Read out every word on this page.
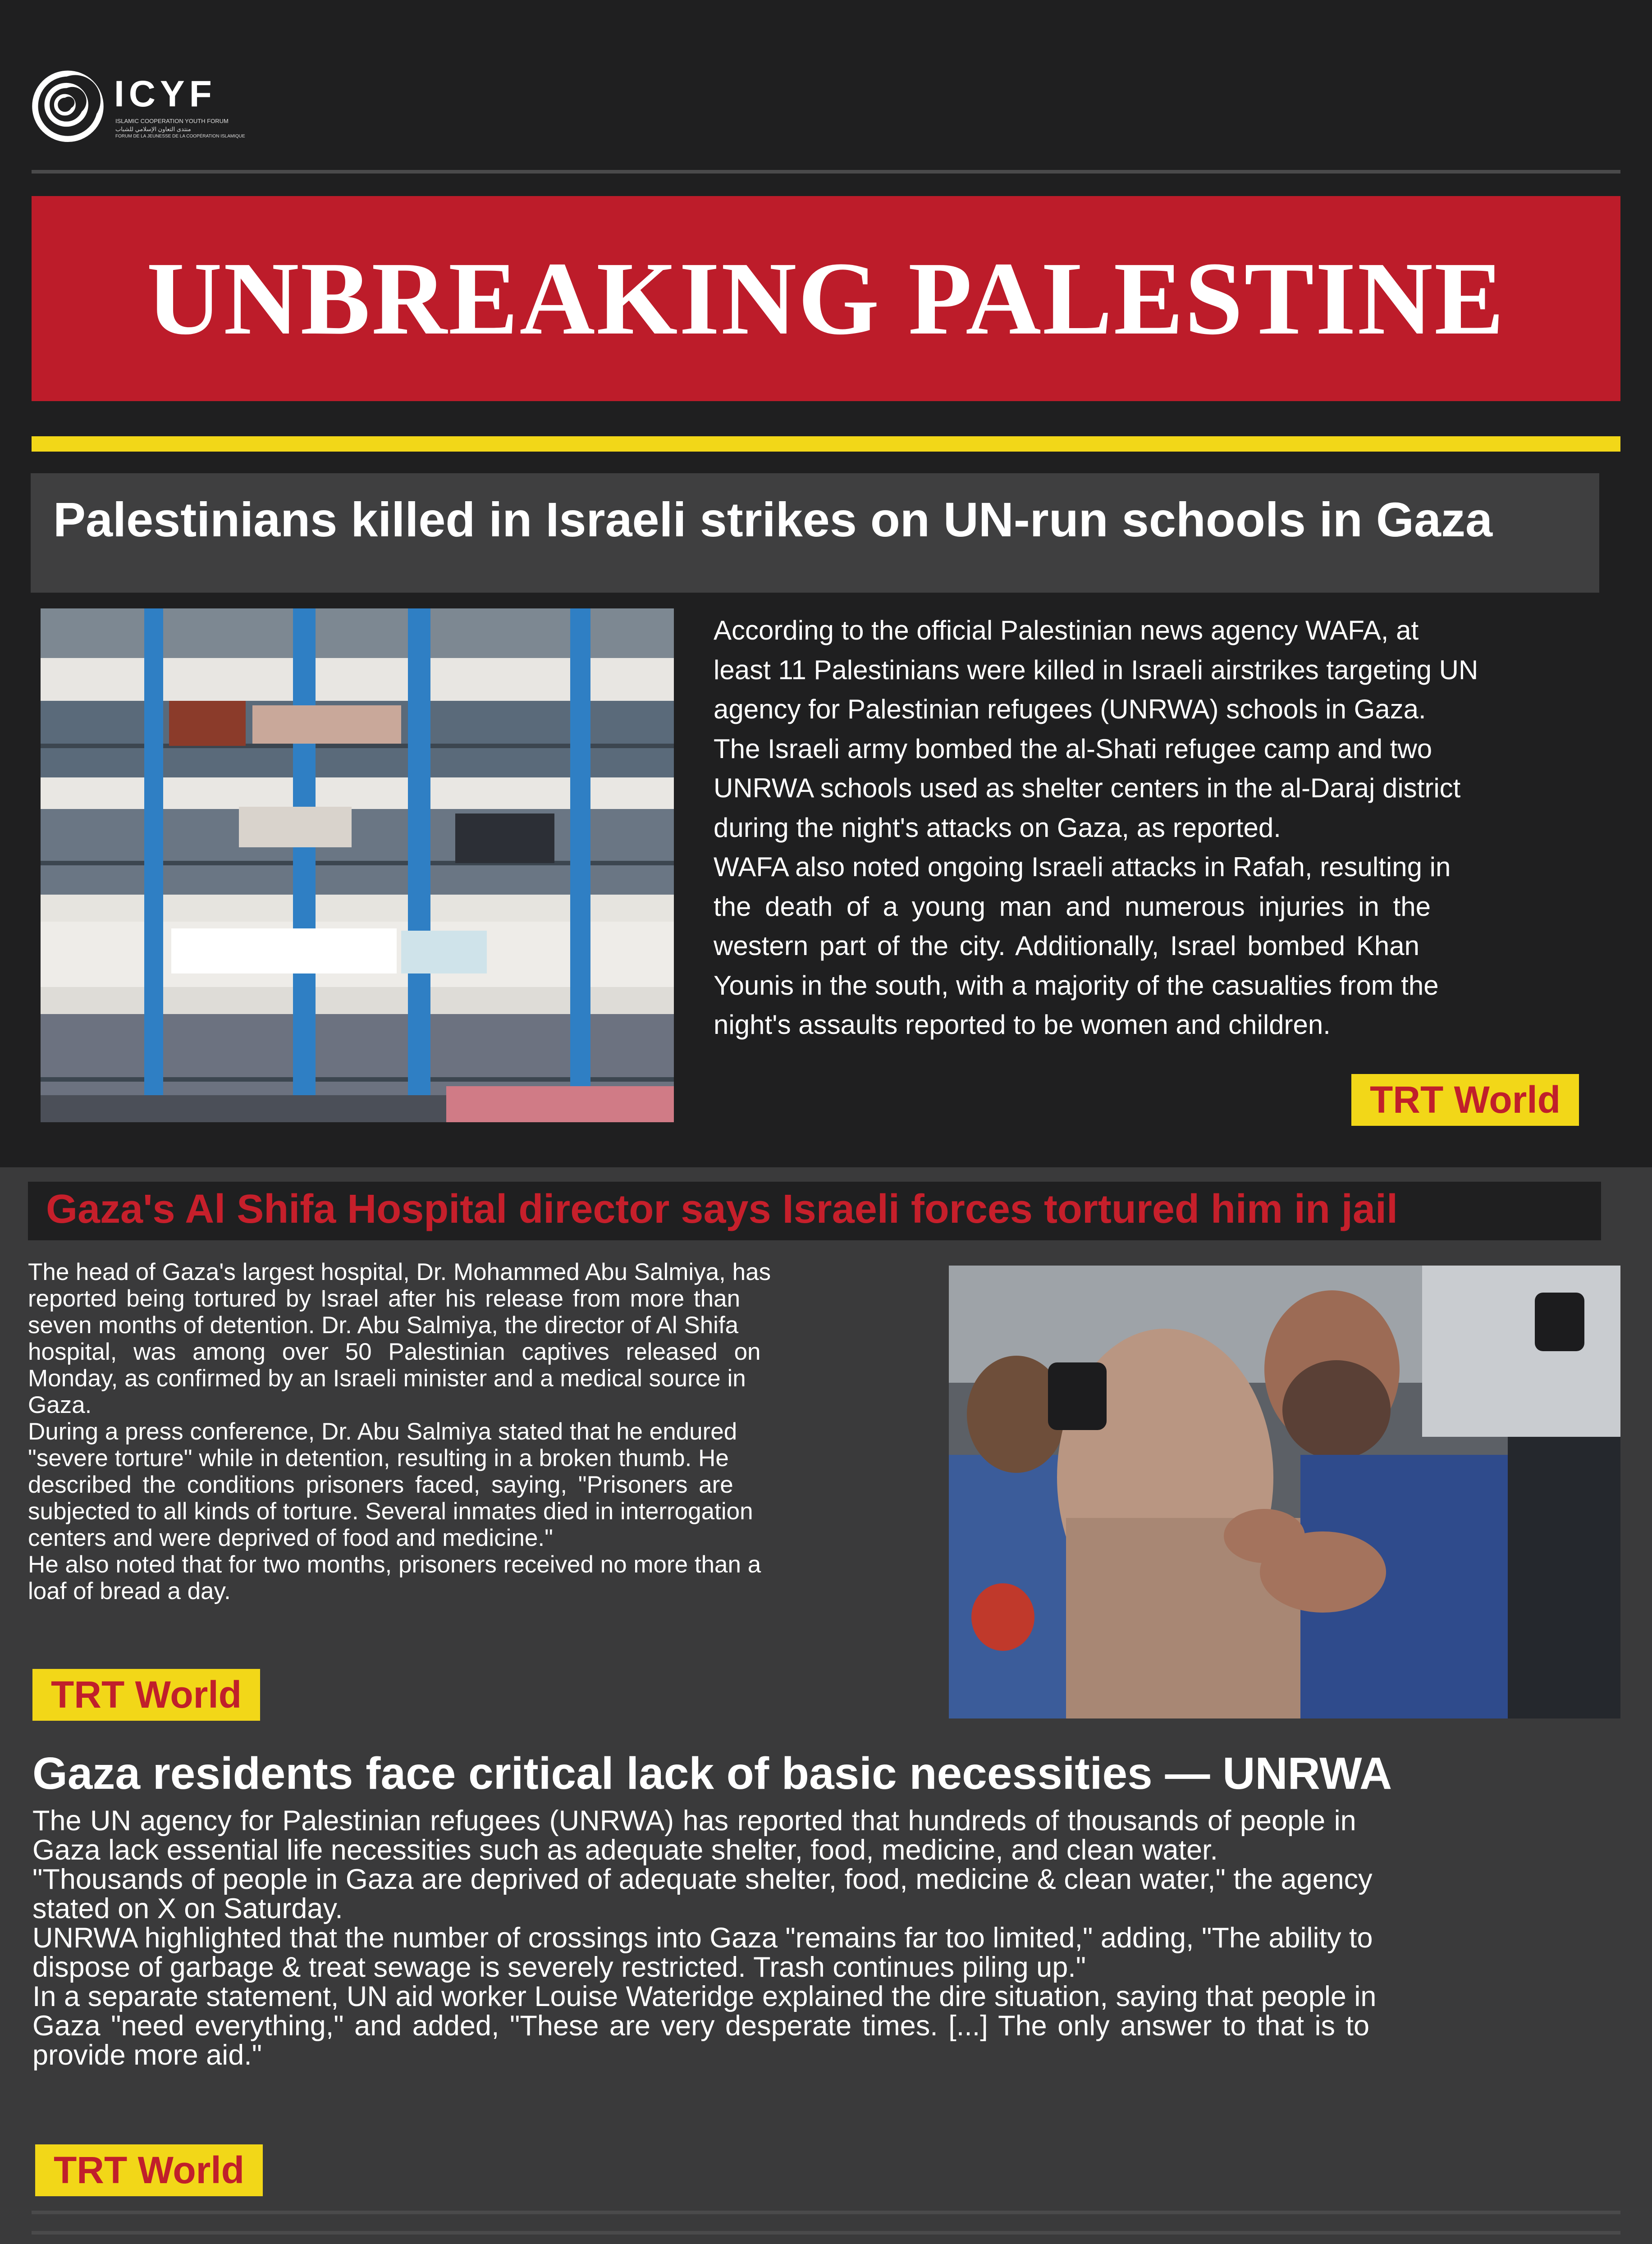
ICYF
ISLAMIC COOPERATION YOUTH FORUM
منتدى التعاون الإسلامي للشباب
FORUM DE LA JEUNESSE DE LA COOPÉRATION ISLAMIQUE
UNBREAKING PALESTINE
Palestinians killed in Israeli strikes on UN-run schools in Gaza
According to the official Palestinian news agency WAFA, at
least 11 Palestinians were killed in Israeli airstrikes targeting UN
agency for Palestinian refugees (UNRWA) schools in Gaza.
The Israeli army bombed the al-Shati refugee camp and two
UNRWA schools used as shelter centers in the al-Daraj district
during the night's attacks on Gaza, as reported.
WAFA also noted ongoing Israeli attacks in Rafah, resulting in
the death of a young man and numerous injuries in the
western part of the city. Additionally, Israel bombed Khan
Younis in the south, with a majority of the casualties from the
night's assaults reported to be women and children.
TRT World
Gaza's Al Shifa Hospital director says Israeli forces tortured him in jail
The head of Gaza's largest hospital, Dr. Mohammed Abu Salmiya, has
reported being tortured by Israel after his release from more than
seven months of detention. Dr. Abu Salmiya, the director of Al Shifa
hospital, was among over 50 Palestinian captives released on
Monday, as confirmed by an Israeli minister and a medical source in
Gaza.
During a press conference, Dr. Abu Salmiya stated that he endured
"severe torture" while in detention, resulting in a broken thumb. He
described the conditions prisoners faced, saying, "Prisoners are
subjected to all kinds of torture. Several inmates died in interrogation
centers and were deprived of food and medicine."
He also noted that for two months, prisoners received no more than a
loaf of bread a day.
TRT World
Gaza residents face critical lack of basic necessities — UNRWA
The UN agency for Palestinian refugees (UNRWA) has reported that hundreds of thousands of people in
Gaza lack essential life necessities such as adequate shelter, food, medicine, and clean water.
"Thousands of people in Gaza are deprived of adequate shelter, food, medicine & clean water," the agency
stated on X on Saturday.
UNRWA highlighted that the number of crossings into Gaza "remains far too limited," adding, "The ability to
dispose of garbage & treat sewage is severely restricted. Trash continues piling up."
In a separate statement, UN aid worker Louise Wateridge explained the dire situation, saying that people in
Gaza "need everything," and added, "These are very desperate times. [...] The only answer to that is to
provide more aid."
TRT World
